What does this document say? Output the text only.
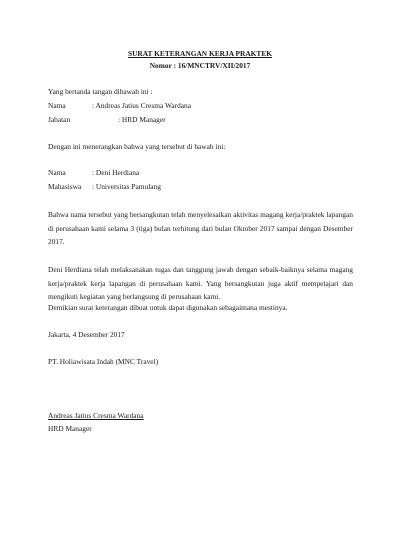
SURAT KETERANGAN KERJA PRAKTEK
Nomor : 16/MNCTRV/XII/2017
Yang bertanda tangan dibawah ini :
Nama	: Andreas Jatius Cresma Wardana
Jabatan	: HRD Manager
Dengan ini menerangkan bahwa yang tersebut di bawah ini:
Nama	: Deni Herdiana
Mahasiswa : Universitas Pamulang
Bahwa nama tersebut yang bersangkutan telah menyelesaikan aktivitas magang kerja/praktek lapangan di perusahaan kami selama 3 (tiga) bulan terhitung dari bulan Oktober 2017 sampai dengan Desember 2017.
Deni Herdiana telah melaksanakan tugas dan tanggung jawab dengan sebaik-baiknya selama magang kerja/praktek kerja lapangan di perusahaan kami. Yang bersangkutan juga aktif mempelajari dan mengikuti kegiatan yang berlangsung di perusahaan kami.
Demikian surat keterangan dibuat untuk dapat digunakan sebagaimana mestinya.
Jakarta, 4 Desember 2017
PT. Holiawisata Indah (MNC Travel)
Andreas Jatius Cresma Wardana
HRD Manager
